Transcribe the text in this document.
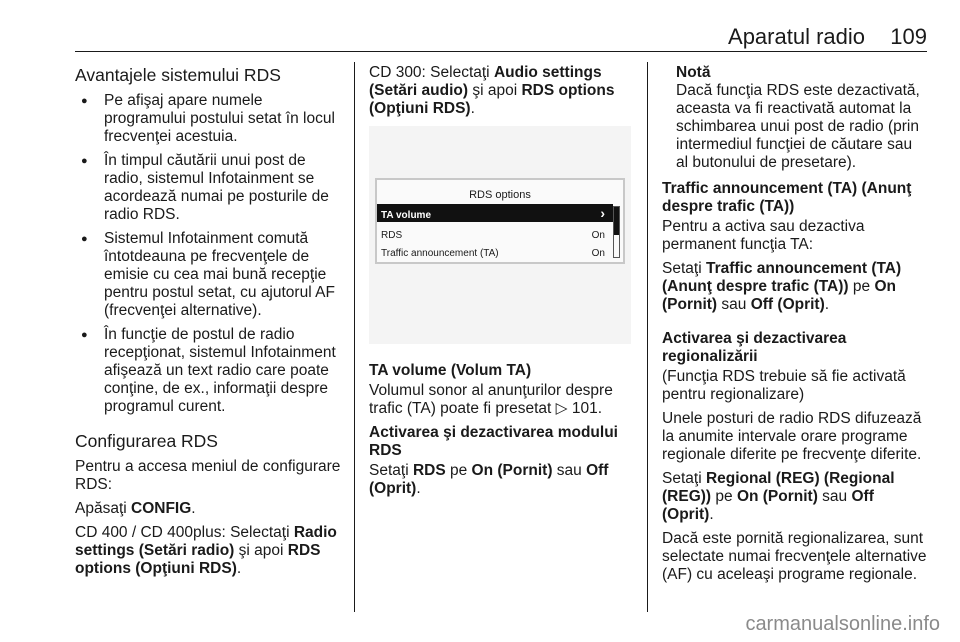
Aparatul radio 109
Avantajele sistemului RDS
● Pe afişaj apare numele programului postului setat în locul frecvenţei acestuia.
● În timpul căutării unui post de radio, sistemul Infotainment se acordează numai pe posturile de radio RDS.
● Sistemul Infotainment comută întotdeauna pe frecvenţele de emisie cu cea mai bună recepţie pentru postul setat, cu ajutorul AF (frecvenţei alternative).
● În funcţie de postul de radio recepţionat, sistemul Infotainment afişează un text radio care poate conţine, de ex., informaţii despre programul curent.
Configurarea RDS

Pentru a accesa meniul de configurare RDS:

Apăsaţi CONFIG.

CD 400 / CD 400plus: Selectaţi Radio settings (Setări radio) şi apoi RDS options (Opţiuni RDS).

CD 300: Selectaţi Audio settings (Setări audio) şi apoi RDS options (Opţiuni RDS).

RDS options
TA volume	›
RDS	On
Traffic announcement (TA)	On
TA volume (Volum TA)

Volumul sonor al anunţurilor despre trafic (TA) poate fi presetat ▷ 101.

Activarea şi dezactivarea modului RDS

Setaţi RDS pe On (Pornit) sau Off (Oprit).

Notă
Dacă funcţia RDS este dezactivată, aceasta va fi reactivată automat la schimbarea unui post de radio (prin intermediul funcţiei de căutare sau al butonului de presetare).
Traffic announcement (TA) (Anunţ despre trafic (TA))

Pentru a activa sau dezactiva permanent funcţia TA:

Setaţi Traffic announcement (TA) (Anunţ despre trafic (TA)) pe On (Pornit) sau Off (Oprit).

Activarea şi dezactivarea regionalizării

(Funcţia RDS trebuie să fie activată pentru regionalizare)

Unele posturi de radio RDS difuzează la anumite intervale orare programe regionale diferite pe frecvenţe diferite.

Setaţi Regional (REG) (Regional (REG)) pe On (Pornit) sau Off (Oprit).

Dacă este pornită regionalizarea, sunt selectate numai frecvenţele alternative (AF) cu aceleaşi programe regionale.

carmanualsonline.info
